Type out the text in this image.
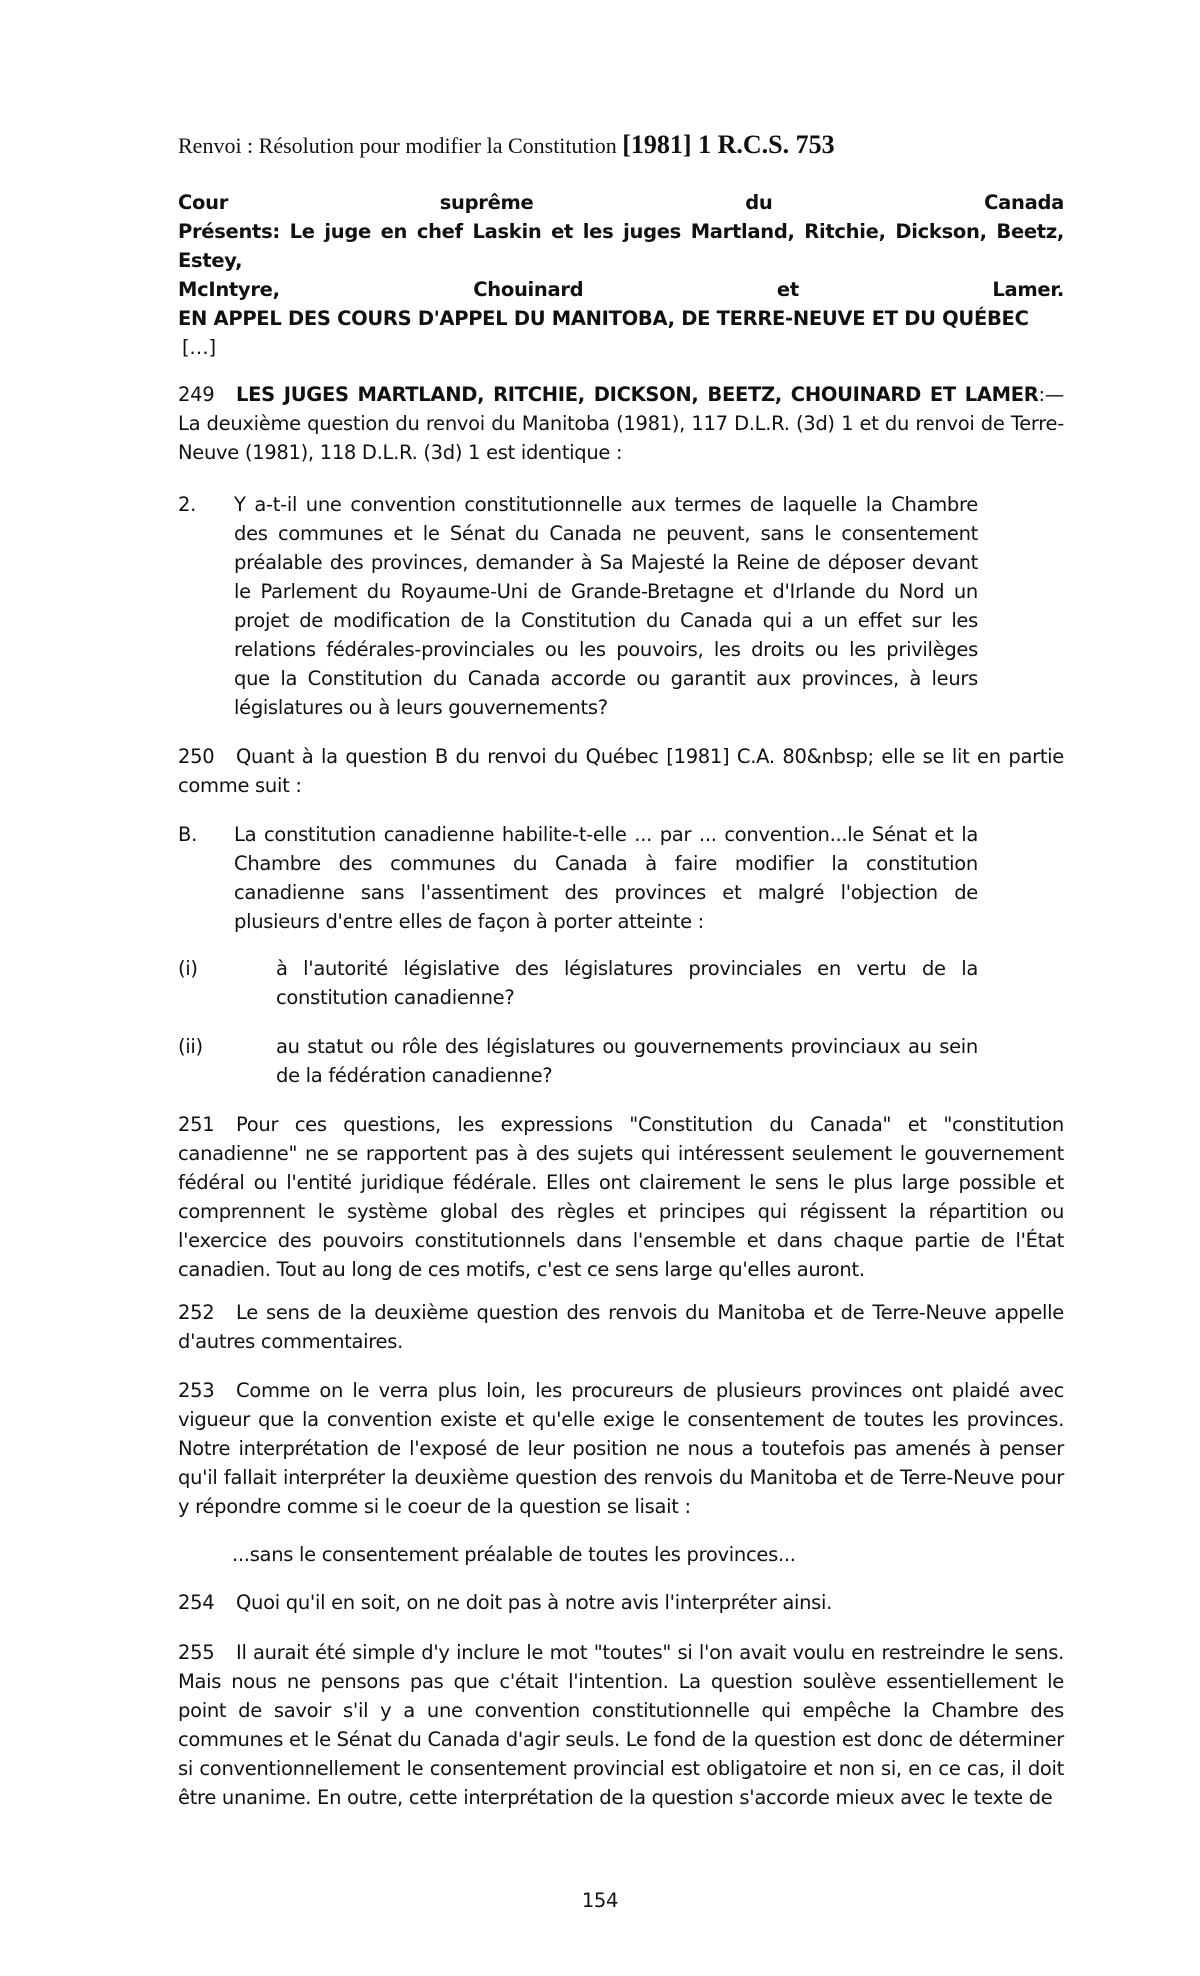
Renvoi : Résolution pour modifier la Constitution [1981] 1 R.C.S. 753
Cour	suprême	du	Canada
Présents: Le juge en chef Laskin et les juges Martland, Ritchie, Dickson, Beetz, Estey,
McIntyre,	Chouinard	et	Lamer.
EN APPEL DES COURS D'APPEL DU MANITOBA, DE TERRE-NEUVE ET DU QUÉBEC
[…]
249 LES JUGES MARTLAND, RITCHIE, DICKSON, BEETZ, CHOUINARD ET LAMER:— La deuxième question du renvoi du Manitoba (1981), 117 D.L.R. (3d) 1 et du renvoi de Terre-Neuve (1981), 118 D.L.R. (3d) 1 est identique :
2. Y a-t-il une convention constitutionnelle aux termes de laquelle la Chambre des communes et le Sénat du Canada ne peuvent, sans le consentement préalable des provinces, demander à Sa Majesté la Reine de déposer devant le Parlement du Royaume-Uni de Grande-Bretagne et d'Irlande du Nord un projet de modification de la Constitution du Canada qui a un effet sur les relations fédérales-provinciales ou les pouvoirs, les droits ou les privilèges que la Constitution du Canada accorde ou garantit aux provinces, à leurs législatures ou à leurs gouvernements?
250 Quant à la question B du renvoi du Québec [1981] C.A. 80&nbsp; elle se lit en partie comme suit :
B. La constitution canadienne habilite-t-elle ... par ... convention...le Sénat et la Chambre des communes du Canada à faire modifier la constitution canadienne sans l'assentiment des provinces et malgré l'objection de plusieurs d'entre elles de façon à porter atteinte :
(i)	à l'autorité législative des législatures provinciales en vertu de la constitution canadienne?
(ii)	au statut ou rôle des législatures ou gouvernements provinciaux au sein de la fédération canadienne?
251 Pour ces questions, les expressions "Constitution du Canada" et "constitution canadienne" ne se rapportent pas à des sujets qui intéressent seulement le gouvernement fédéral ou l'entité juridique fédérale. Elles ont clairement le sens le plus large possible et comprennent le système global des règles et principes qui régissent la répartition ou l'exercice des pouvoirs constitutionnels dans l'ensemble et dans chaque partie de l'État canadien. Tout au long de ces motifs, c'est ce sens large qu'elles auront.
252 Le sens de la deuxième question des renvois du Manitoba et de Terre-Neuve appelle d'autres commentaires.
253 Comme on le verra plus loin, les procureurs de plusieurs provinces ont plaidé avec vigueur que la convention existe et qu'elle exige le consentement de toutes les provinces. Notre interprétation de l'exposé de leur position ne nous a toutefois pas amenés à penser qu'il fallait interpréter la deuxième question des renvois du Manitoba et de Terre-Neuve pour y répondre comme si le coeur de la question se lisait :
...sans le consentement préalable de toutes les provinces...
254 Quoi qu'il en soit, on ne doit pas à notre avis l'interpréter ainsi.
255 Il aurait été simple d'y inclure le mot "toutes" si l'on avait voulu en restreindre le sens. Mais nous ne pensons pas que c'était l'intention. La question soulève essentiellement le point de savoir s'il y a une convention constitutionnelle qui empêche la Chambre des communes et le Sénat du Canada d'agir seuls. Le fond de la question est donc de déterminer si conventionnellement le consentement provincial est obligatoire et non si, en ce cas, il doit être unanime. En outre, cette interprétation de la question s'accorde mieux avec le texte de
154
